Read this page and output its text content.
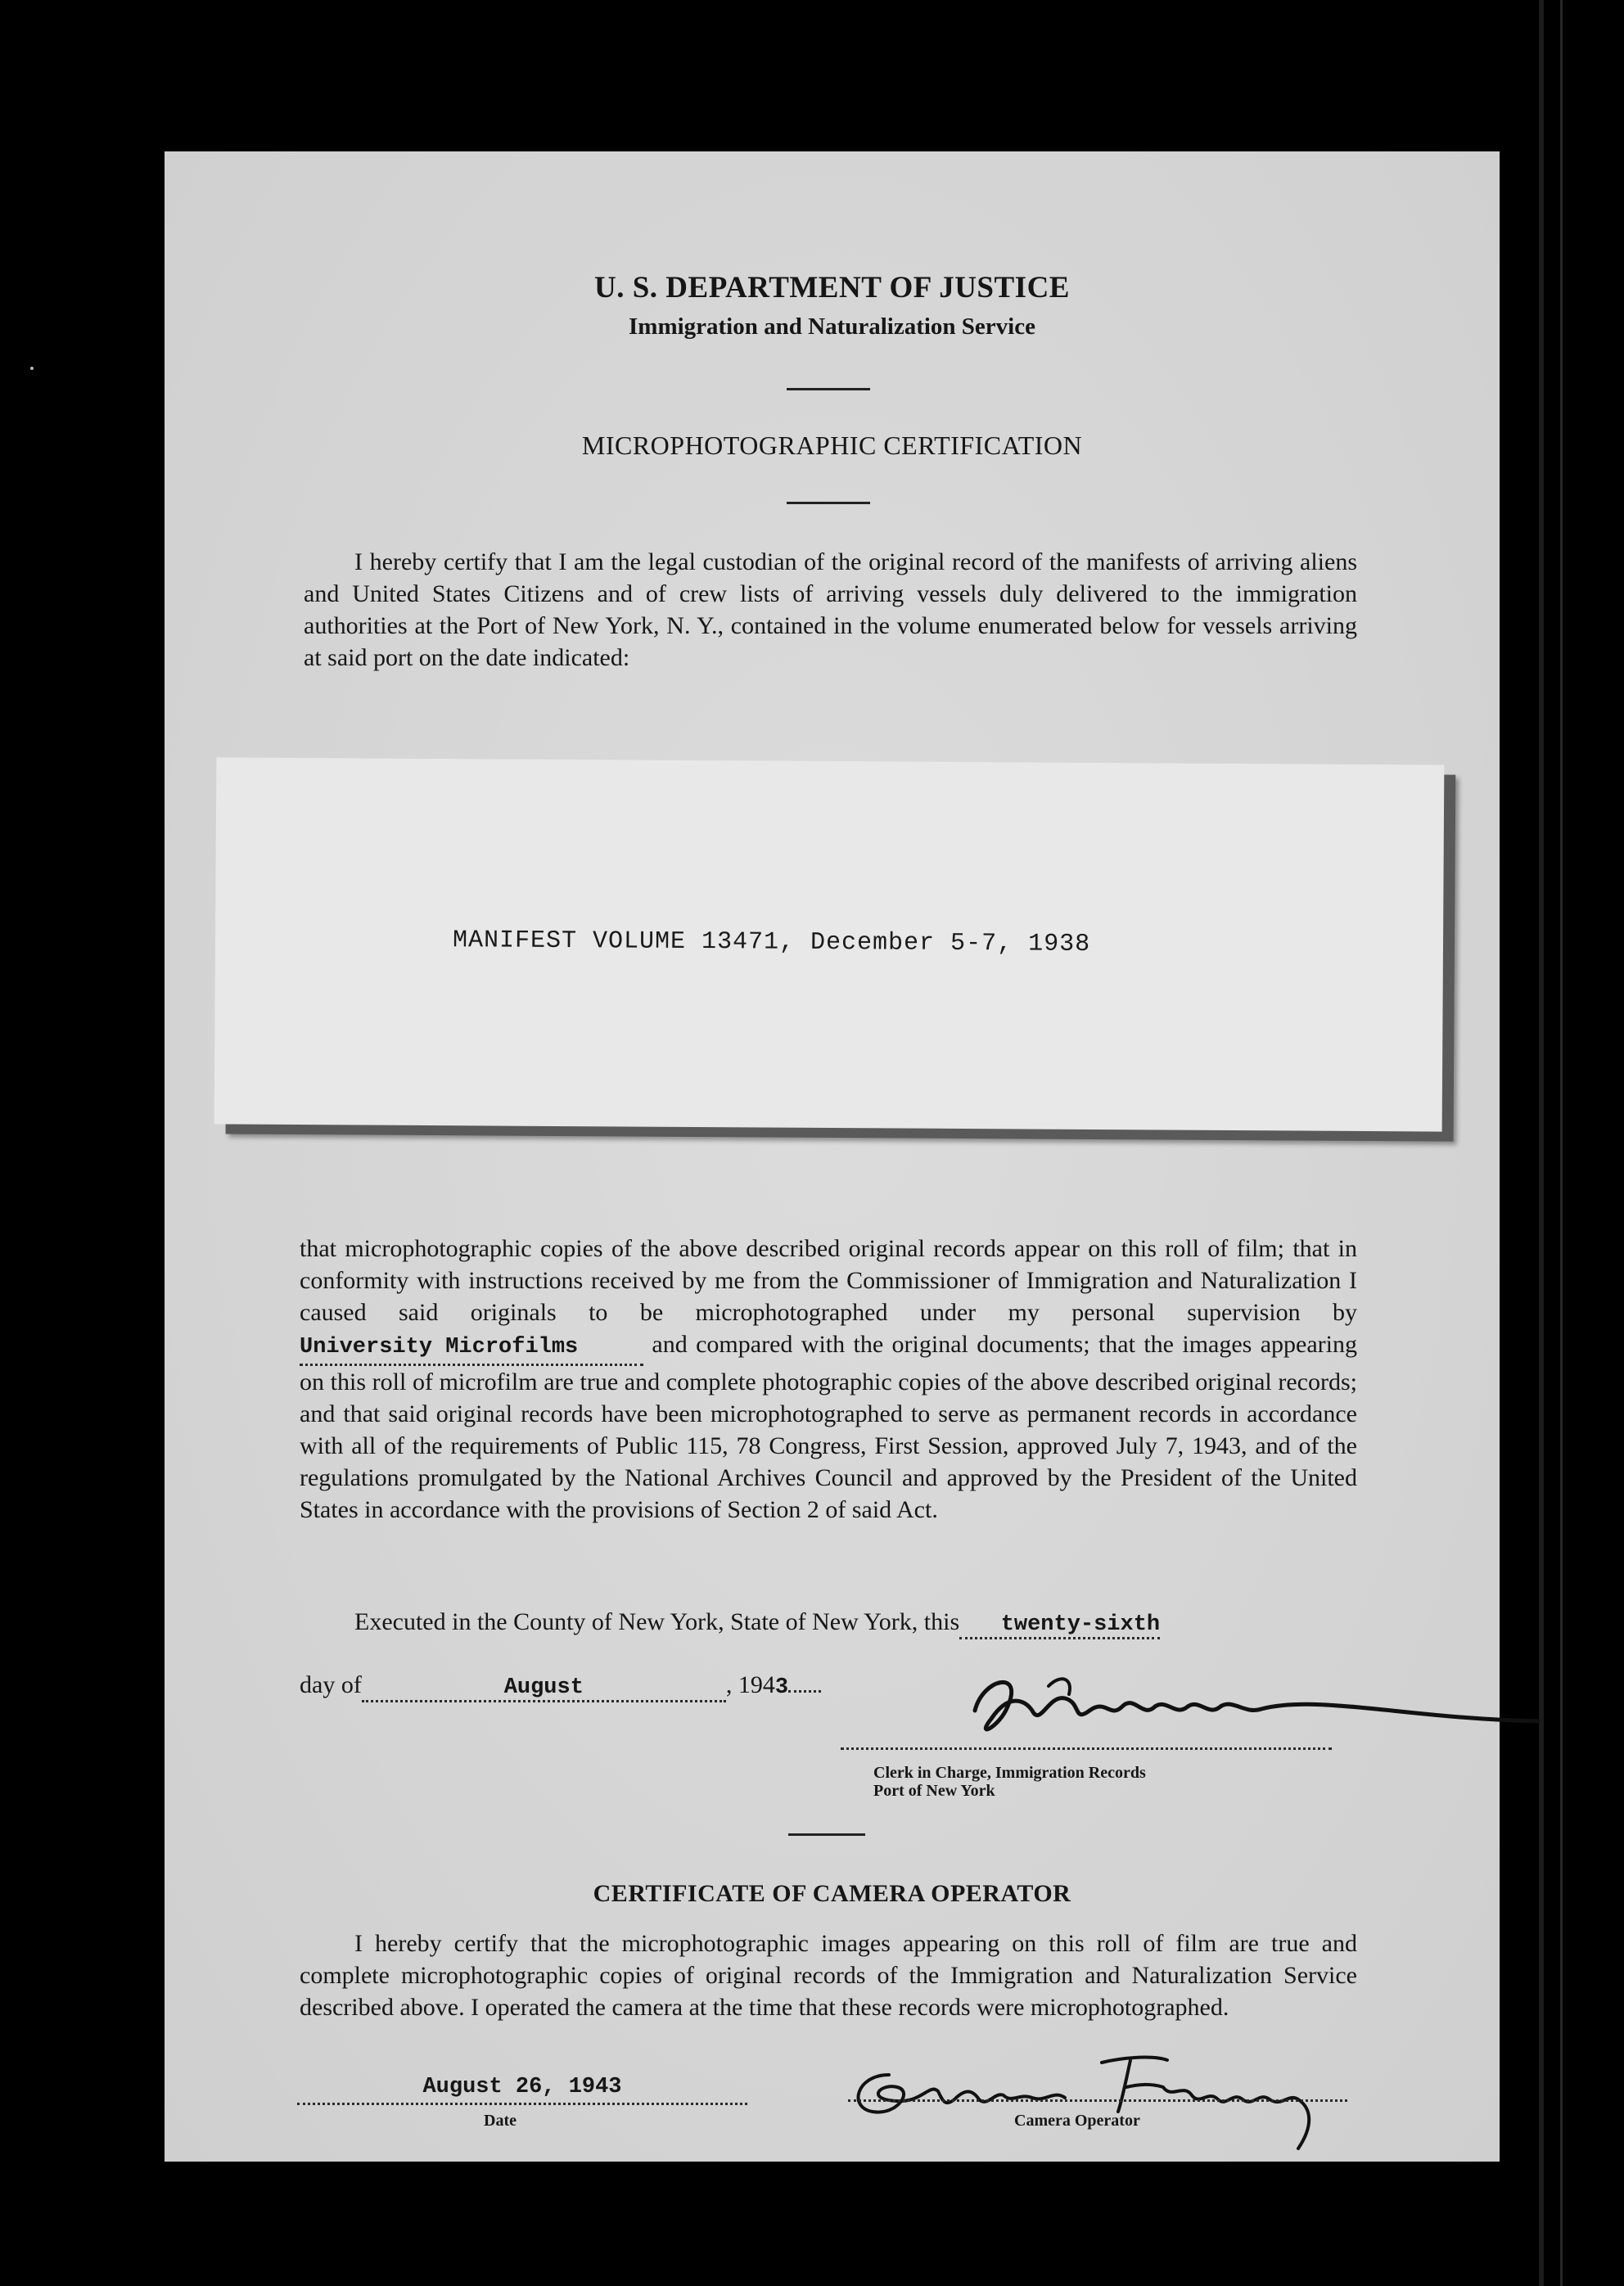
U. S. DEPARTMENT OF JUSTICE
Immigration and Naturalization Service
MICROPHOTOGRAPHIC CERTIFICATION

I hereby certify that I am the legal custodian of the original record of the manifests of arriving aliens and United States Citizens and of crew lists of arriving vessels duly delivered to the immigration authorities at the Port of New York, N. Y., contained in the volume enumerated below for vessels arriving at said port on the date indicated:

MANIFEST VOLUME 13471, December 5-7, 1938

that microphotographic copies of the above described original records appear on this roll of film; that in conformity with instructions received by me from the Commissioner of Immigration and Naturalization I caused said originals to be microphotographed under my personal supervision by University Microfilms	and compared with the original documents; that the images appearing on this roll of microfilm are true and complete photographic copies of the above described original records; and that said original records have been microphotographed to serve as permanent records in accordance with all of the requirements of Public 115, 78 Congress, First Session, approved July 7, 1943, and of the regulations promulgated by the National Archives Council and approved by the President of the United States in accordance with the provisions of Section 2 of said Act.

Executed in the County of New York, State of New York, this twenty-sixth
day of	August	, 1943
Clerk in Charge, Immigration Records
Port of New York
CERTIFICATE OF CAMERA OPERATOR

I hereby certify that the microphotographic images appearing on this roll of film are true and complete microphotographic copies of original records of the Immigration and Naturalization Service described above. I operated the camera at the time that these records were microphotographed.

August 26, 1943
Date	Camera Operator
